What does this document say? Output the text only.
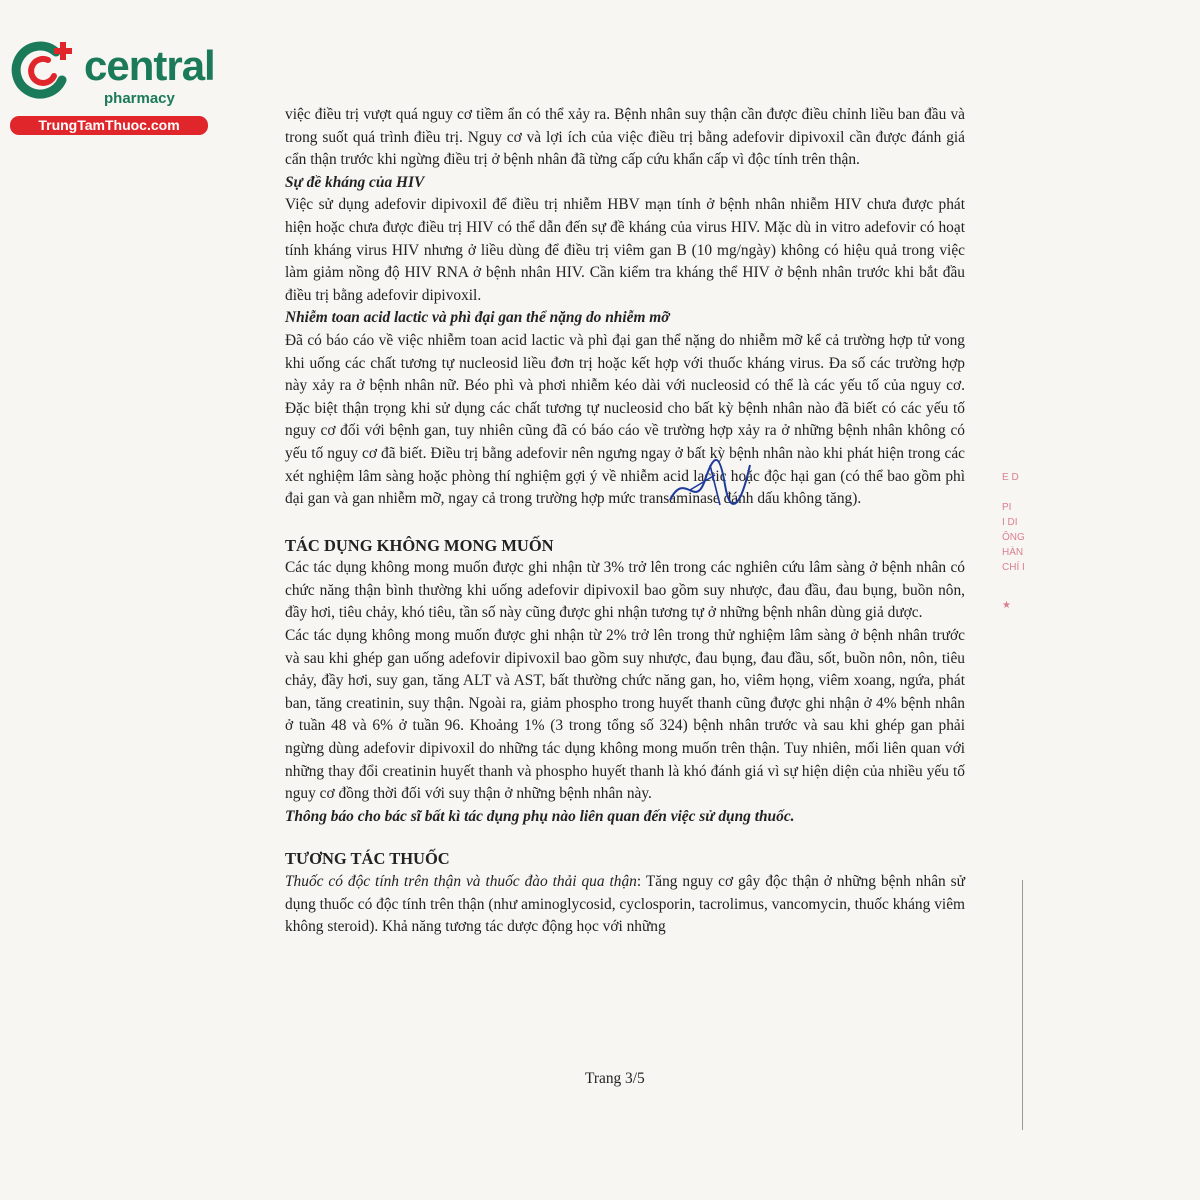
central
pharmacy
TrungTamThuoc.com

việc điều trị vượt quá nguy cơ tiềm ẩn có thể xảy ra. Bệnh nhân suy thận cần được điều chỉnh liều ban đầu và trong suốt quá trình điều trị. Nguy cơ và lợi ích của việc điều trị bằng adefovir dipivoxil cần được đánh giá cẩn thận trước khi ngừng điều trị ở bệnh nhân đã từng cấp cứu khẩn cấp vì độc tính trên thận.

Sự đề kháng của HIV

Việc sử dụng adefovir dipivoxil để điều trị nhiễm HBV mạn tính ở bệnh nhân nhiễm HIV chưa được phát hiện hoặc chưa được điều trị HIV có thể dẫn đến sự đề kháng của virus HIV. Mặc dù in vitro adefovir có hoạt tính kháng virus HIV nhưng ở liều dùng để điều trị viêm gan B (10 mg/ngày) không có hiệu quả trong việc làm giảm nồng độ HIV RNA ở bệnh nhân HIV. Cần kiểm tra kháng thể HIV ở bệnh nhân trước khi bắt đầu điều trị bằng adefovir dipivoxil.

Nhiễm toan acid lactic và phì đại gan thể nặng do nhiễm mỡ

Đã có báo cáo về việc nhiễm toan acid lactic và phì đại gan thể nặng do nhiễm mỡ kể cả trường hợp tử vong khi uống các chất tương tự nucleosid liều đơn trị hoặc kết hợp với thuốc kháng virus. Đa số các trường hợp này xảy ra ở bệnh nhân nữ. Béo phì và phơi nhiễm kéo dài với nucleosid có thể là các yếu tố của nguy cơ. Đặc biệt thận trọng khi sử dụng các chất tương tự nucleosid cho bất kỳ bệnh nhân nào đã biết có các yếu tố nguy cơ đối với bệnh gan, tuy nhiên cũng đã có báo cáo về trường hợp xảy ra ở những bệnh nhân không có yếu tố nguy cơ đã biết. Điều trị bằng adefovir nên ngưng ngay ở bất kỳ bệnh nhân nào khi phát hiện trong các xét nghiệm lâm sàng hoặc phòng thí nghiệm gợi ý về nhiễm acid lactic hoặc độc hại gan (có thể bao gồm phì đại gan và gan nhiễm mỡ, ngay cả trong trường hợp mức transaminase đánh dấu không tăng).

TÁC DỤNG KHÔNG MONG MUỐN

Các tác dụng không mong muốn được ghi nhận từ 3% trở lên trong các nghiên cứu lâm sàng ở bệnh nhân có chức năng thận bình thường khi uống adefovir dipivoxil bao gồm suy nhược, đau đầu, đau bụng, buồn nôn, đầy hơi, tiêu chảy, khó tiêu, tần số này cũng được ghi nhận tương tự ở những bệnh nhân dùng giả dược.

Các tác dụng không mong muốn được ghi nhận từ 2% trở lên trong thử nghiệm lâm sàng ở bệnh nhân trước và sau khi ghép gan uống adefovir dipivoxil bao gồm suy nhược, đau bụng, đau đầu, sốt, buồn nôn, nôn, tiêu chảy, đầy hơi, suy gan, tăng ALT và AST, bất thường chức năng gan, ho, viêm họng, viêm xoang, ngứa, phát ban, tăng creatinin, suy thận. Ngoài ra, giảm phospho trong huyết thanh cũng được ghi nhận ở 4% bệnh nhân ở tuần 48 và 6% ở tuần 96. Khoảng 1% (3 trong tổng số 324) bệnh nhân trước và sau khi ghép gan phải ngừng dùng adefovir dipivoxil do những tác dụng không mong muốn trên thận. Tuy nhiên, mối liên quan với những thay đổi creatinin huyết thanh và phospho huyết thanh là khó đánh giá vì sự hiện diện của nhiều yếu tố nguy cơ đồng thời đối với suy thận ở những bệnh nhân này.

Thông báo cho bác sĩ bất kì tác dụng phụ nào liên quan đến việc sử dụng thuốc.

TƯƠNG TÁC THUỐC

Thuốc có độc tính trên thận và thuốc đào thải qua thận: Tăng nguy cơ gây độc thận ở những bệnh nhân sử dụng thuốc có độc tính trên thận (như aminoglycosid, cyclosporin, tacrolimus, vancomycin, thuốc kháng viêm không steroid). Khả năng tương tác dược động học với những

Trang 3/5
E D
PI
I DI
ÔNG
HÀN
CHÍ I
★
